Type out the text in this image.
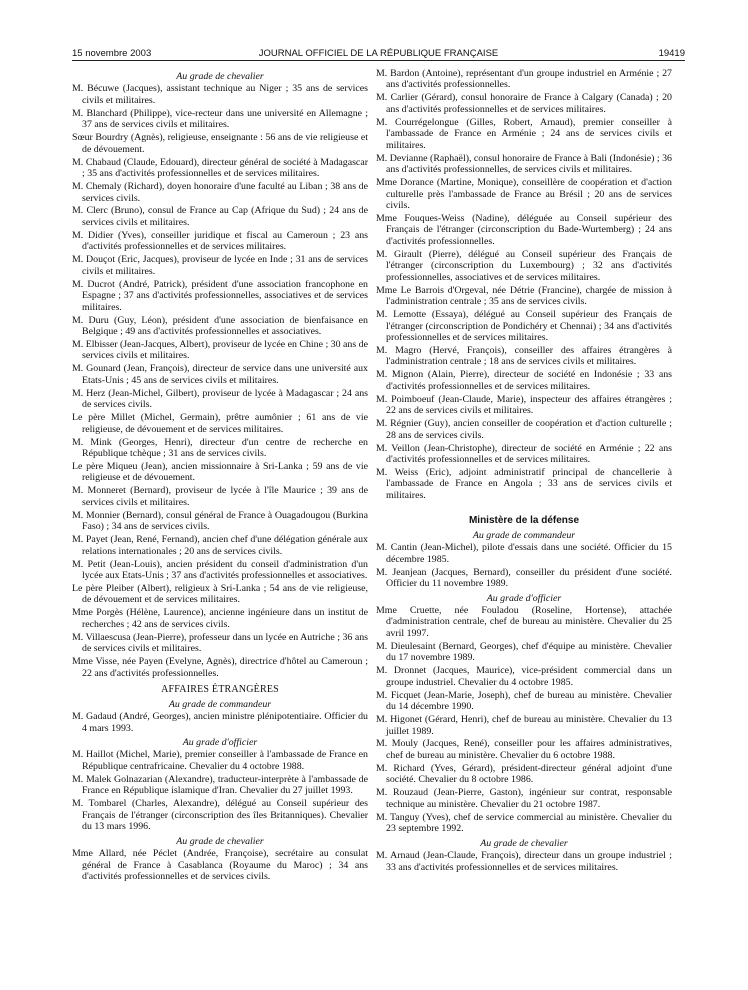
15 novembre 2003	JOURNAL OFFICIEL DE LA RÉPUBLIQUE FRANÇAISE	19419
Au grade de chevalier

M. Bécuwe (Jacques), assistant technique au Niger ; 35 ans de services civils et militaires.

M. Blanchard (Philippe), vice-recteur dans une université en Allemagne ; 37 ans de services civils et militaires.

Sœur Bourdry (Agnès), religieuse, enseignante : 56 ans de vie religieuse et de dévouement.

M. Chabaud (Claude, Edouard), directeur général de société à Madagascar ; 35 ans d'activités professionnelles et de services militaires.

M. Chemaly (Richard), doyen honoraire d'une faculté au Liban ; 38 ans de services civils.

M. Clerc (Bruno), consul de France au Cap (Afrique du Sud) ; 24 ans de services civils et militaires.

M. Didier (Yves), conseiller juridique et fiscal au Cameroun ; 23 ans d'activités professionnelles et de services militaires.

M. Douçot (Eric, Jacques), proviseur de lycée en Inde ; 31 ans de services civils et militaires.

M. Ducrot (André, Patrick), président d'une association francophone en Espagne ; 37 ans d'activités professionnelles, associatives et de services militaires.

M. Duru (Guy, Léon), président d'une association de bienfaisance en Belgique ; 49 ans d'activités professionnelles et associatives.

M. Elbisser (Jean-Jacques, Albert), proviseur de lycée en Chine ; 30 ans de services civils et militaires.

M. Gounard (Jean, François), directeur de service dans une université aux Etats-Unis ; 45 ans de services civils et militaires.

M. Herz (Jean-Michel, Gilbert), proviseur de lycée à Madagascar ; 24 ans de services civils.

Le père Millet (Michel, Germain), prêtre aumônier ; 61 ans de vie religieuse, de dévouement et de services militaires.

M. Mink (Georges, Henri), directeur d'un centre de recherche en République tchèque ; 31 ans de services civils.

Le père Miqueu (Jean), ancien missionnaire à Sri-Lanka ; 59 ans de vie religieuse et de dévouement.

M. Monneret (Bernard), proviseur de lycée à l'île Maurice ; 39 ans de services civils et militaires.

M. Monnier (Bernard), consul général de France à Ouagadougou (Burkina Faso) ; 34 ans de services civils.

M. Payet (Jean, René, Fernand), ancien chef d'une délégation générale aux relations internationales ; 20 ans de services civils.

M. Petit (Jean-Louis), ancien président du conseil d'administration d'un lycée aux Etats-Unis ; 37 ans d'activités professionnelles et associatives.

Le père Pleiber (Albert), religieux à Sri-Lanka ; 54 ans de vie religieuse, de dévouement et de services militaires.

Mme Porgès (Hélène, Laurence), ancienne ingénieure dans un institut de recherches ; 42 ans de services civils.

M. Villaescusa (Jean-Pierre), professeur dans un lycée en Autriche ; 36 ans de services civils et militaires.

Mme Visse, née Payen (Evelyne, Agnès), directrice d'hôtel au Cameroun ; 22 ans d'activités professionnelles.

AFFAIRES ÉTRANGÈRES
Au grade de commandeur

M. Gadaud (André, Georges), ancien ministre plénipotentiaire. Officier du 4 mars 1993.

Au grade d'officier

M. Haillot (Michel, Marie), premier conseiller à l'ambassade de France en République centrafricaine. Chevalier du 4 octobre 1988.

M. Malek Golnazarian (Alexandre), traducteur-interprète à l'ambassade de France en République islamique d'Iran. Chevalier du 27 juillet 1993.

M. Tombarel (Charles, Alexandre), délégué au Conseil supérieur des Français de l'étranger (circonscription des îles Britanniques). Chevalier du 13 mars 1996.

Au grade de chevalier

Mme Allard, née Péclet (Andrée, Françoise), secrétaire au consulat général de France à Casablanca (Royaume du Maroc) ; 34 ans d'activités professionnelles et de services civils.

M. Bardon (Antoine), représentant d'un groupe industriel en Arménie ; 27 ans d'activités professionnelles.

M. Carlier (Gérard), consul honoraire de France à Calgary (Canada) ; 20 ans d'activités professionnelles et de services militaires.

M. Courrégelongue (Gilles, Robert, Arnaud), premier conseiller à l'ambassade de France en Arménie ; 24 ans de services civils et militaires.

M. Devianne (Raphaël), consul honoraire de France à Bali (Indonésie) ; 36 ans d'activités professionnelles, de services civils et militaires.

Mme Dorance (Martine, Monique), conseillère de coopération et d'action culturelle près l'ambassade de France au Brésil ; 20 ans de services civils.

Mme Fouques-Weiss (Nadine), déléguée au Conseil supérieur des Français de l'étranger (circonscription du Bade-Wurtemberg) ; 24 ans d'activités professionnelles.

M. Girault (Pierre), délégué au Conseil supérieur des Français de l'étranger (circonscription du Luxembourg) ; 32 ans d'activités professionnelles, associatives et de services militaires.

Mme Le Barrois d'Orgeval, née Détrie (Francine), chargée de mission à l'administration centrale ; 35 ans de services civils.

M. Lemotte (Essaya), délégué au Conseil supérieur des Français de l'étranger (circonscription de Pondichéry et Chennai) ; 34 ans d'activités professionnelles et de services militaires.

M. Magro (Hervé, François), conseiller des affaires étrangères à l'administration centrale ; 18 ans de services civils et militaires.

M. Mignon (Alain, Pierre), directeur de société en Indonésie ; 33 ans d'activités professionnelles et de services militaires.

M. Poimboeuf (Jean-Claude, Marie), inspecteur des affaires étrangères ; 22 ans de services civils et militaires.

M. Régnier (Guy), ancien conseiller de coopération et d'action culturelle ; 28 ans de services civils.

M. Veillon (Jean-Christophe), directeur de société en Arménie ; 22 ans d'activités professionnelles et de services militaires.

M. Weiss (Eric), adjoint administratif principal de chancellerie à l'ambassade de France en Angola ; 33 ans de services civils et militaires.

Ministère de la défense
Au grade de commandeur

M. Cantin (Jean-Michel), pilote d'essais dans une société. Officier du 15 décembre 1985.

M. Jeanjean (Jacques, Bernard), conseiller du président d'une société. Officier du 11 novembre 1989.

Au grade d'officier

Mme Cruette, née Fouladou (Roseline, Hortense), attachée d'administration centrale, chef de bureau au ministère. Chevalier du 25 avril 1997.

M. Dieulesaint (Bernard, Georges), chef d'équipe au ministère. Chevalier du 17 novembre 1989.

M. Dronnet (Jacques, Maurice), vice-président commercial dans un groupe industriel. Chevalier du 4 octobre 1985.

M. Ficquet (Jean-Marie, Joseph), chef de bureau au ministère. Chevalier du 14 décembre 1990.

M. Higonet (Gérard, Henri), chef de bureau au ministère. Chevalier du 13 juillet 1989.

M. Mouly (Jacques, René), conseiller pour les affaires administratives, chef de bureau au ministère. Chevalier du 6 octobre 1988.

M. Richard (Yves, Gérard), président-directeur général adjoint d'une société. Chevalier du 8 octobre 1986.

M. Rouzaud (Jean-Pierre, Gaston), ingénieur sur contrat, responsable technique au ministère. Chevalier du 21 octobre 1987.

M. Tanguy (Yves), chef de service commercial au ministère. Chevalier du 23 septembre 1992.

Au grade de chevalier

M. Arnaud (Jean-Claude, François), directeur dans un groupe industriel ; 33 ans d'activités professionnelles et de services militaires.
